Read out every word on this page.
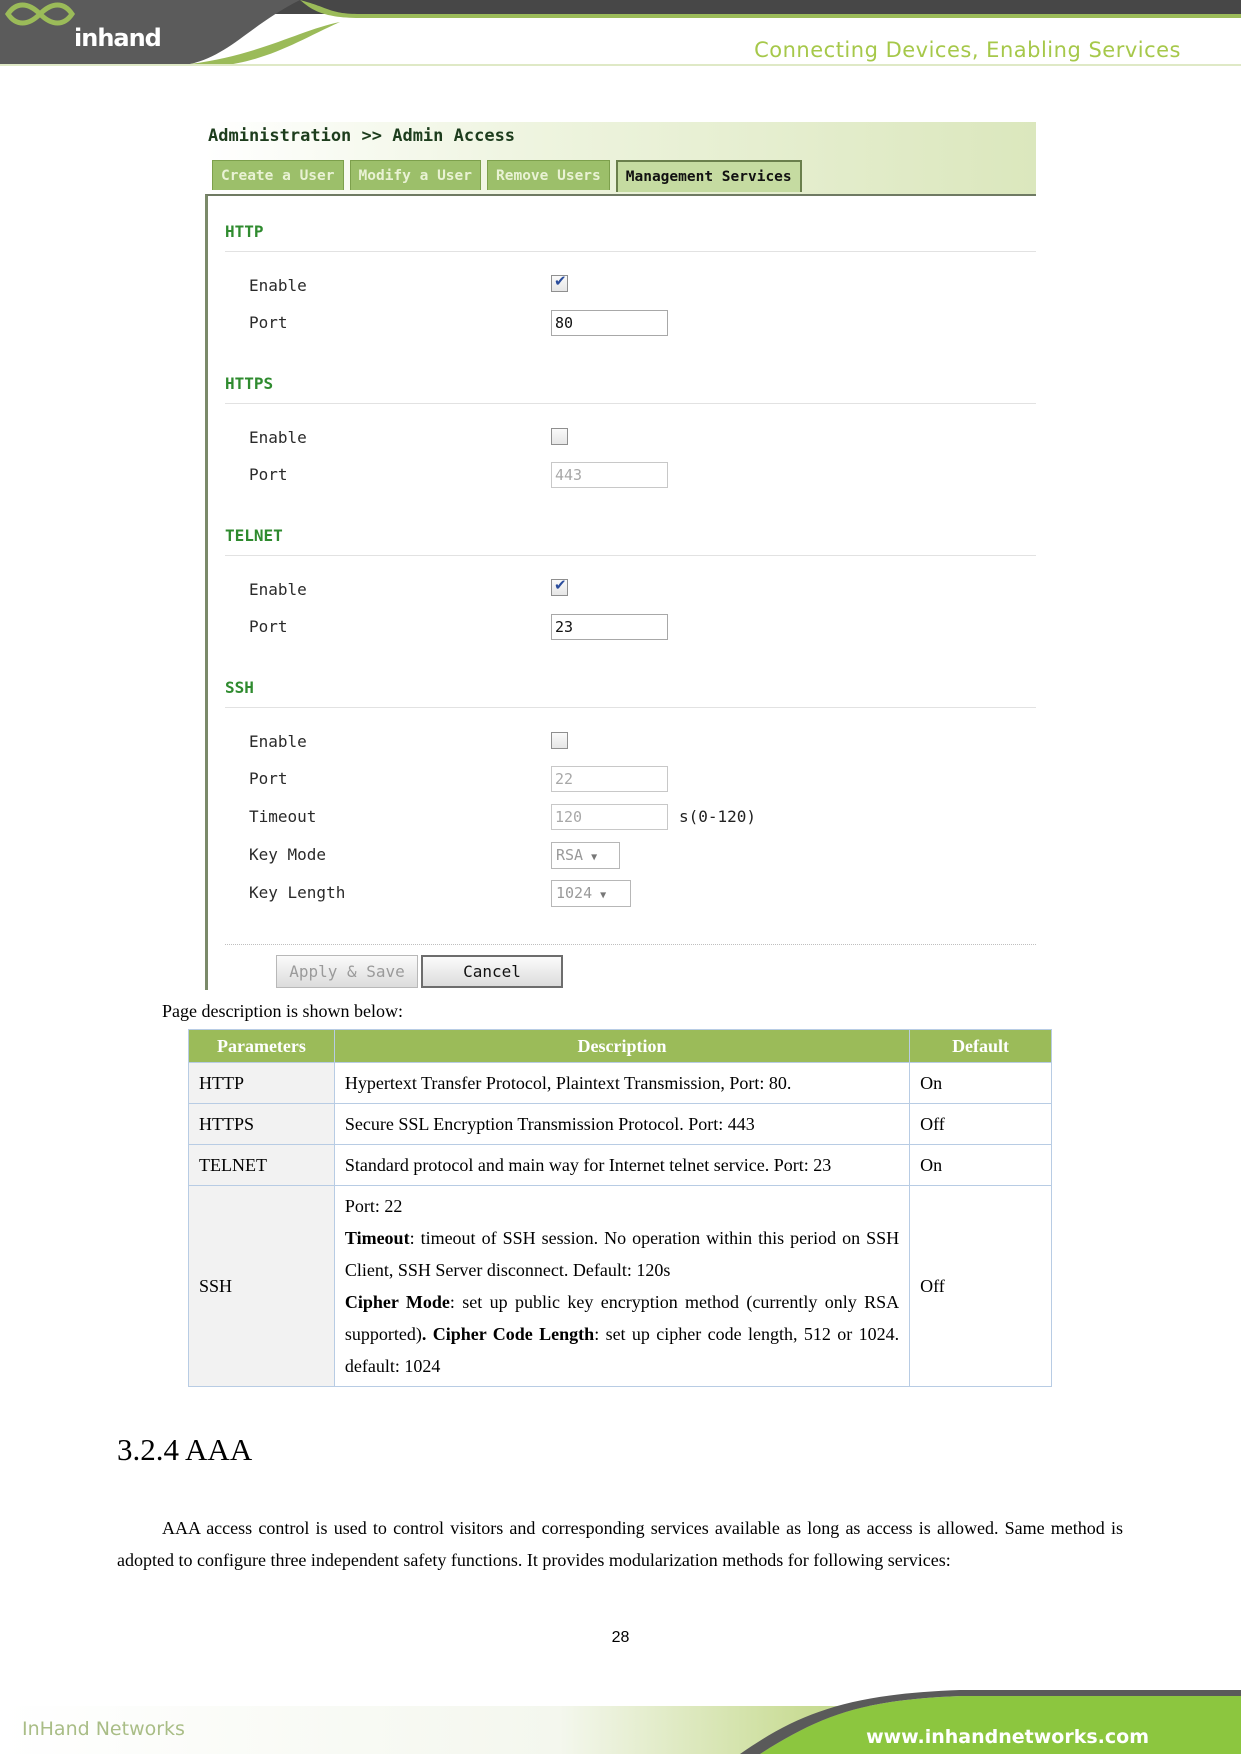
inhand	Connecting Devices, Enabling Services
Administration >> Admin Access
Create a User	Modify a User	Remove Users	Management Services
HTTP
Enable	✔
Port	80
HTTPS
Enable
Port	443
TELNET
Enable	✔
Port	23
SSH
Enable
Port	22
Timeout	120	s(0-120)
Key Mode	RSA ▼
Key Length	1024 ▼
Apply & Save	Cancel
Page description is shown below:
Parameters	Description	Default
HTTP	Hypertext Transfer Protocol, Plaintext Transmission, Port: 80.	On
HTTPS	Secure SSL Encryption Transmission Protocol. Port: 443	Off
TELNET	Standard protocol and main way for Internet telnet service. Port: 23	On
SSH	Port: 22
Timeout: timeout of SSH session. No operation within this period on SSH Client, SSH Server disconnect. Default: 120s
Cipher Mode: set up public key encryption method (currently only RSA supported). Cipher Code Length: set up cipher code length, 512 or 1024. default: 1024	Off
3.2.4 AAA
AAA access control is used to control visitors and corresponding services available as long as access is allowed. Same method is adopted to configure three independent safety functions. It provides modularization methods for following services:
28
InHand Networks	www.inhandnetworks.com
